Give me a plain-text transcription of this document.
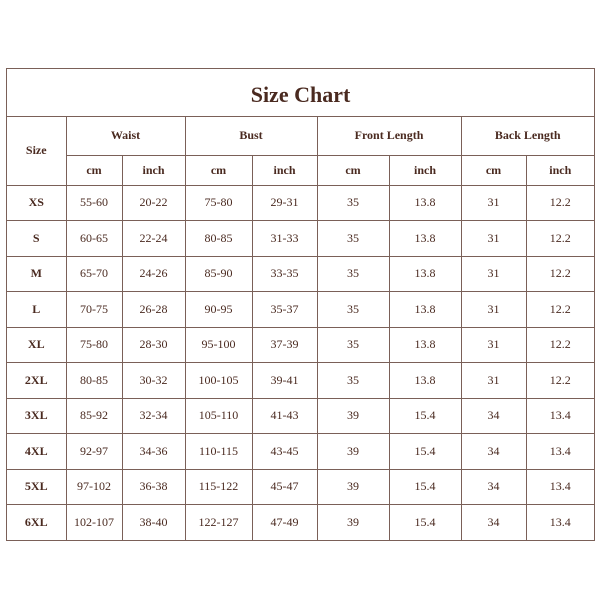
Size Chart
Size	Waist		Bust		Front Length		Back Length	
	cm	inch	cm	inch	cm	inch	cm	inch
XS	55-60	20-22	75-80	29-31	35	13.8	31	12.2
S	60-65	22-24	80-85	31-33	35	13.8	31	12.2
M	65-70	24-26	85-90	33-35	35	13.8	31	12.2
L	70-75	26-28	90-95	35-37	35	13.8	31	12.2
XL	75-80	28-30	95-100	37-39	35	13.8	31	12.2
2XL	80-85	30-32	100-105	39-41	35	13.8	31	12.2
3XL	85-92	32-34	105-110	41-43	39	15.4	34	13.4
4XL	92-97	34-36	110-115	43-45	39	15.4	34	13.4
5XL	97-102	36-38	115-122	45-47	39	15.4	34	13.4
6XL	102-107	38-40	122-127	47-49	39	15.4	34	13.4
